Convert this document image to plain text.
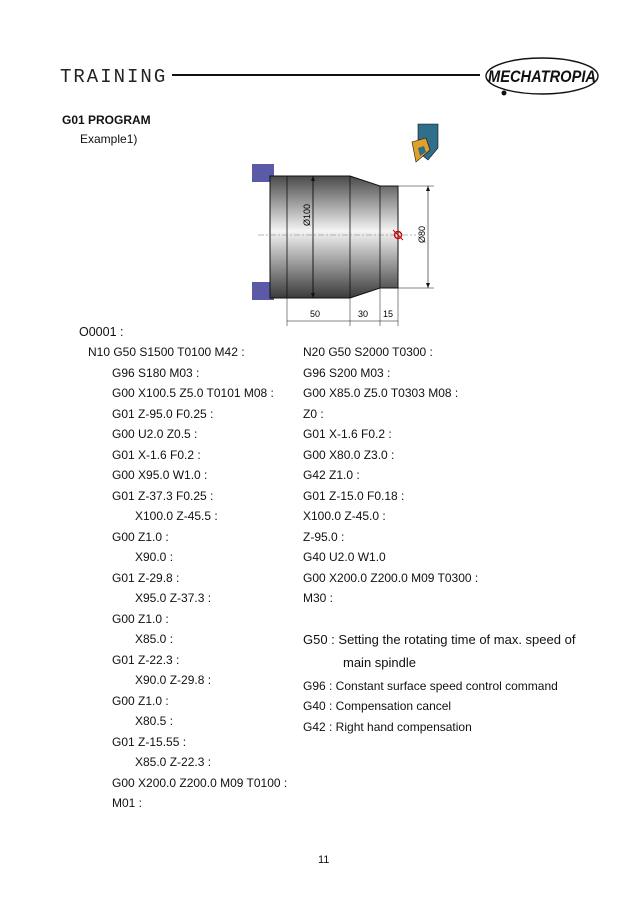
TRAINING	MECHATROPIA
G01 PROGRAM
Example1)
Ø100
Ø80
50	30 15
O0001 :
N10 G50 S1500 T0100 M42 :
G96 S180 M03 :
G00 X100.5 Z5.0 T0101 M08 :
G01 Z-95.0 F0.25 :
G00 U2.0 Z0.5 :
G01 X-1.6 F0.2 :
G00 X95.0 W1.0 :
G01 Z-37.3 F0.25 :
X100.0 Z-45.5 :
G00 Z1.0 :
X90.0 :
G01 Z-29.8 :
X95.0 Z-37.3 :
G00 Z1.0 :
X85.0 :
G01 Z-22.3 :
X90.0 Z-29.8 :
G00 Z1.0 :
X80.5 :
G01 Z-15.55 :
X85.0 Z-22.3 :
G00 X200.0 Z200.0 M09 T0100 :
M01 :
N20 G50 S2000 T0300 :
G96 S200 M03 :
G00 X85.0 Z5.0 T0303 M08 :
Z0 :
G01 X-1.6 F0.2 :
G00 X80.0 Z3.0 :
G42 Z1.0 :
G01 Z-15.0 F0.18 :
X100.0 Z-45.0 :
Z-95.0 :
G40 U2.0 W1.0
G00 X200.0 Z200.0 M09 T0300 :
M30 :
G50 : Setting the rotating time of max. speed of
main spindle
G96 : Constant surface speed control command
G40 : Compensation cancel
G42 : Right hand compensation
11
